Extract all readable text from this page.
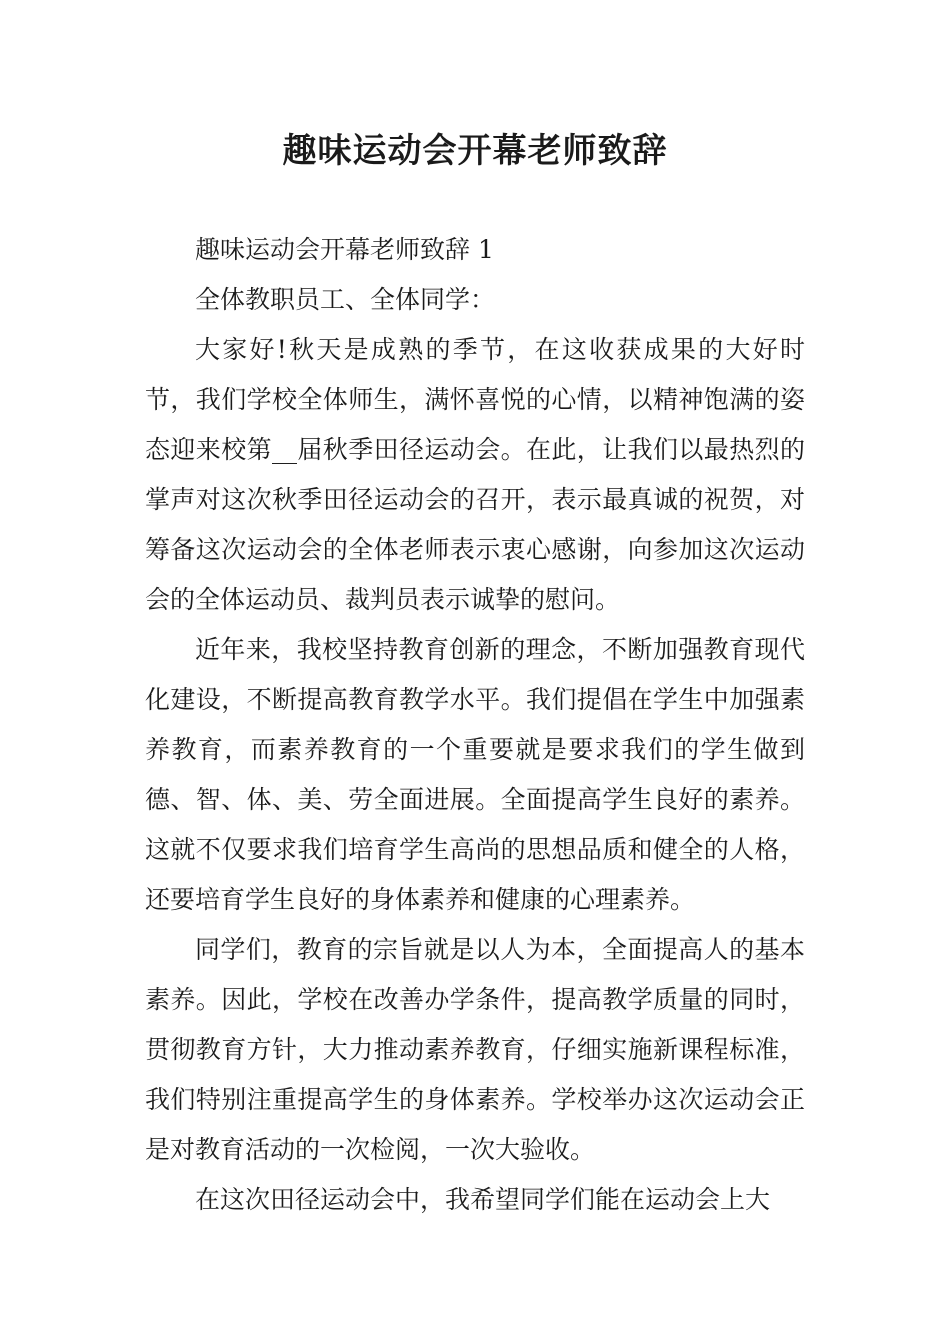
趣味运动会开幕老师致辞

趣味运动会开幕老师致辞 1

全体教职员工、全体同学：

大家好!秋天是成熟的季节，在这收获成果的大好时节，我们学校全体师生，满怀喜悦的心情，以精神饱满的姿态迎来校第__届秋季田径运动会。在此，让我们以最热烈的掌声对这次秋季田径运动会的召开，表示最真诚的祝贺，对筹备这次运动会的全体老师表示衷心感谢，向参加这次运动会的全体运动员、裁判员表示诚挚的慰问。

近年来，我校坚持教育创新的理念，不断加强教育现代化建设，不断提高教育教学水平。我们提倡在学生中加强素养教育，而素养教育的一个重要就是要求我们的学生做到德、智、体、美、劳全面进展。全面提高学生良好的素养。这就不仅要求我们培育学生高尚的思想品质和健全的人格，还要培育学生良好的身体素养和健康的心理素养。

同学们，教育的宗旨就是以人为本，全面提高人的基本素养。因此，学校在改善办学条件，提高教学质量的同时，贯彻教育方针，大力推动素养教育，仔细实施新课程标准，我们特别注重提高学生的身体素养。学校举办这次运动会正是对教育活动的一次检阅，一次大验收。

在这次田径运动会中，我希望同学们能在运动会上大
